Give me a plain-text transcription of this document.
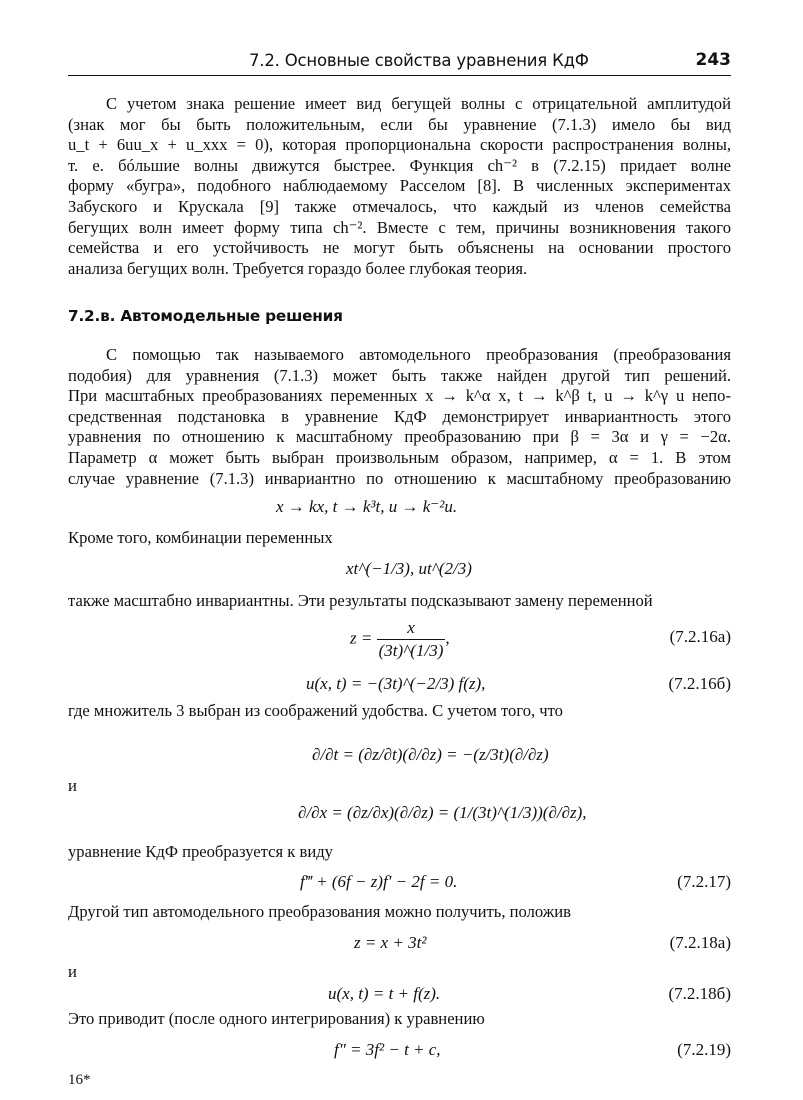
7.2. Основные свойства уравнения КдФ	243
С учетом знака решение имеет вид бегущей волны с отрицательной амплитудой
(знак мог бы быть положительным, если бы уравнение (7.1.3) имело бы вид
u_t + 6uu_x + u_xxx = 0), которая пропорциональна скорости распространения волны,
т. е. бóльшие волны движутся быстрее. Функция ch⁻² в (7.2.15) придает волне
форму «бугра», подобного наблюдаемому Расселом [8]. В численных экспериментах
Забуского и Крускала [9] также отмечалось, что каждый из членов семейства
бегущих волн имеет форму типа ch⁻². Вместе с тем, причины возникновения такого
семейства и его устойчивость не могут быть объяснены на основании простого
анализа бегущих волн. Требуется гораздо более глубокая теория.
7.2.в. Автомодельные решения
С помощью так называемого автомодельного преобразования (преобразования
подобия) для уравнения (7.1.3) может быть также найден другой тип решений.
При масштабных преобразованиях переменных x → k^α x, t → k^β t, u → k^γ u непо-
средственная подстановка в уравнение КдФ демонстрирует инвариантность этого
уравнения по отношению к масштабному преобразованию при β = 3α и γ = −2α.
Параметр α может быть выбран произвольным образом, например, α = 1. В этом
случае уравнение (7.1.3) инвариантно по отношению к масштабному преобразованию
x → kx, t → k³t, u → k⁻²u.
Кроме того, комбинации переменных
xt^(−1/3), ut^(2/3)
также масштабно инвариантны. Эти результаты подсказывают замену переменной
$z = \frac{x}{(3t)\^{}(1/3)}$ ,	(7.2.16а)
u(x, t) = −(3t)^(−2/3) f(z),	(7.2.16б)
где множитель 3 выбран из соображений удобства. С учетом того, что
∂/∂t = (∂z/∂t)(∂/∂z) = −(z/3t)(∂/∂z)
и
∂/∂x = (∂z/∂x)(∂/∂z) = (1/(3t)^(1/3))(∂/∂z),
уравнение КдФ преобразуется к виду
f‴ + (6f − z)f′ − 2f = 0.	(7.2.17)
Другой тип автомодельного преобразования можно получить, положив
z = x + 3t²	(7.2.18а)
и
u(x, t) = t + f(z).	(7.2.18б)
Это приводит (после одного интегрирования) к уравнению
f″ = 3f² − t + c,	(7.2.19)
16*
